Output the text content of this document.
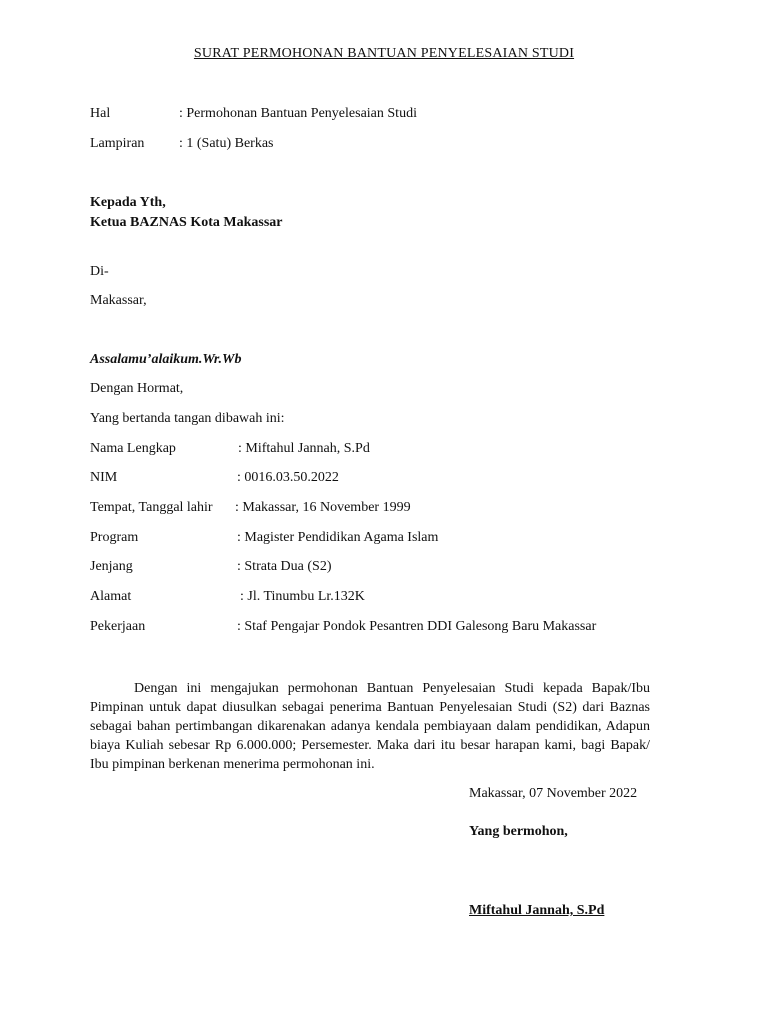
SURAT PERMOHONAN BANTUAN PENYELESAIAN STUDI
Hal	: Permohonan Bantuan Penyelesaian Studi
Lampiran : 1 (Satu) Berkas
Kepada Yth,
Ketua BAZNAS Kota Makassar
Di-
Makassar,
Assalamu’alaikum.Wr.Wb
Dengan Hormat,
Yang bertanda tangan dibawah ini:
Nama Lengkap	: Miftahul Jannah, S.Pd
NIM	: 0016.03.50.2022
Tempat, Tanggal lahir : Makassar, 16 November 1999
Program	: Magister Pendidikan Agama Islam
Jenjang	: Strata Dua (S2)
Alamat	: Jl. Tinumbu Lr.132K
Pekerjaan	: Staf Pengajar Pondok Pesantren DDI Galesong Baru Makassar
Dengan ini mengajukan permohonan Bantuan Penyelesaian Studi kepada Bapak/Ibu Pimpinan untuk dapat diusulkan sebagai penerima Bantuan Penyelesaian Studi (S2) dari Baznas sebagai bahan pertimbangan dikarenakan adanya kendala pembiayaan dalam pendidikan, Adapun biaya Kuliah sebesar Rp 6.000.000; Persemester. Maka dari itu besar harapan kami, bagi Bapak/ Ibu pimpinan berkenan menerima permohonan ini.
Makassar, 07 November 2022
Yang bermohon,
Miftahul Jannah, S.Pd
